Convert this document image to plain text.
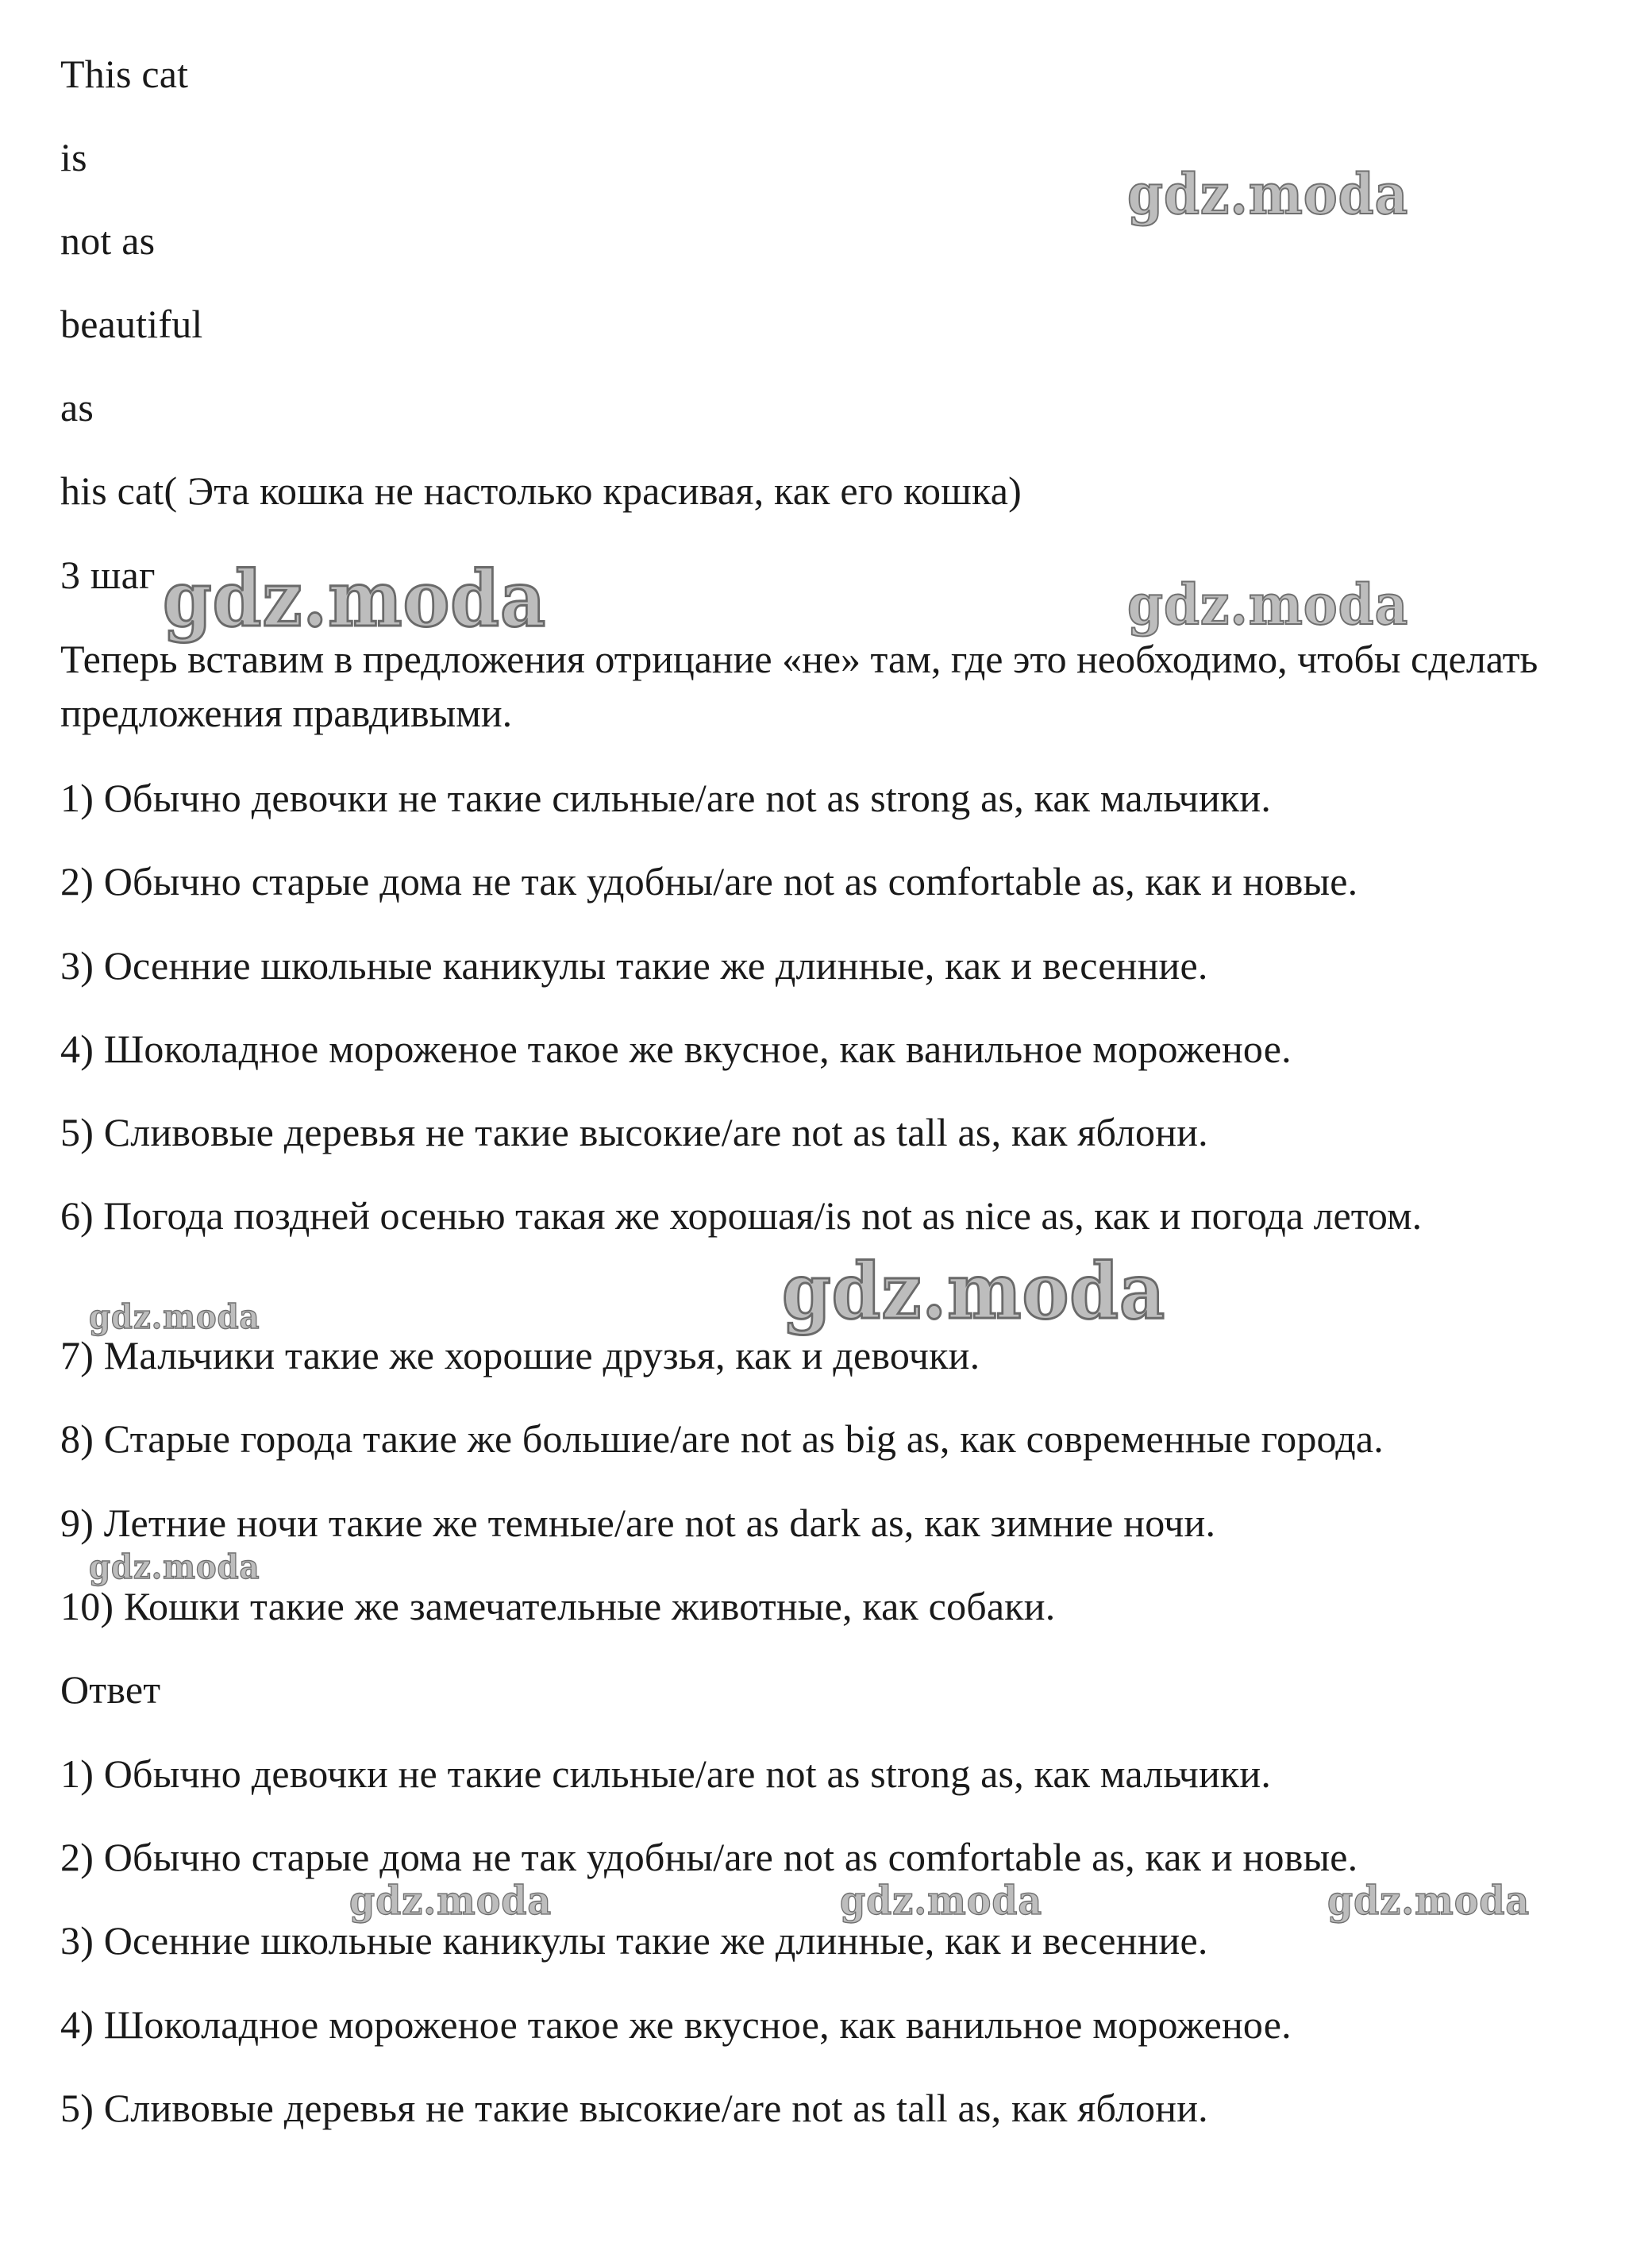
This cat
is
not as
beautiful
as
his cat( Эта кошка не настолько красивая, как его кошка)
3 шаг
Теперь вставим в предложения отрицание «не» там, где это необходимо, чтобы сделать предложения правдивыми.
1) Обычно девочки не такие сильные/are not as strong as, как мальчики.
2) Обычно старые дома не так удобны/are not as comfortable as, как и новые.
3) Осенние школьные каникулы такие же длинные, как и весенние.
4) Шоколадное мороженое такое же вкусное, как ванильное мороженое.
5) Сливовые деревья не такие высокие/are not as tall as, как яблони.
6) Погода поздней осенью такая же хорошая/is not as nice as, как и погода летом.
7) Мальчики такие же хорошие друзья, как и девочки.
8) Старые города такие же большие/are not as big as, как современные города.
9) Летние ночи такие же темные/are not as dark as, как зимние ночи.
10) Кошки такие же замечательные животные, как собаки.
Ответ
1) Обычно девочки не такие сильные/are not as strong as, как мальчики.
2) Обычно старые дома не так удобны/are not as comfortable as, как и новые.
3) Осенние школьные каникулы такие же длинные, как и весенние.
4) Шоколадное мороженое такое же вкусное, как ванильное мороженое.
5) Сливовые деревья не такие высокие/are not as tall as, как яблони.
gdz.moda
gdz.moda	gdz.moda
gdz.moda
gdz.moda
gdz.moda
gdz.moda	gdz.moda	gdz.moda
